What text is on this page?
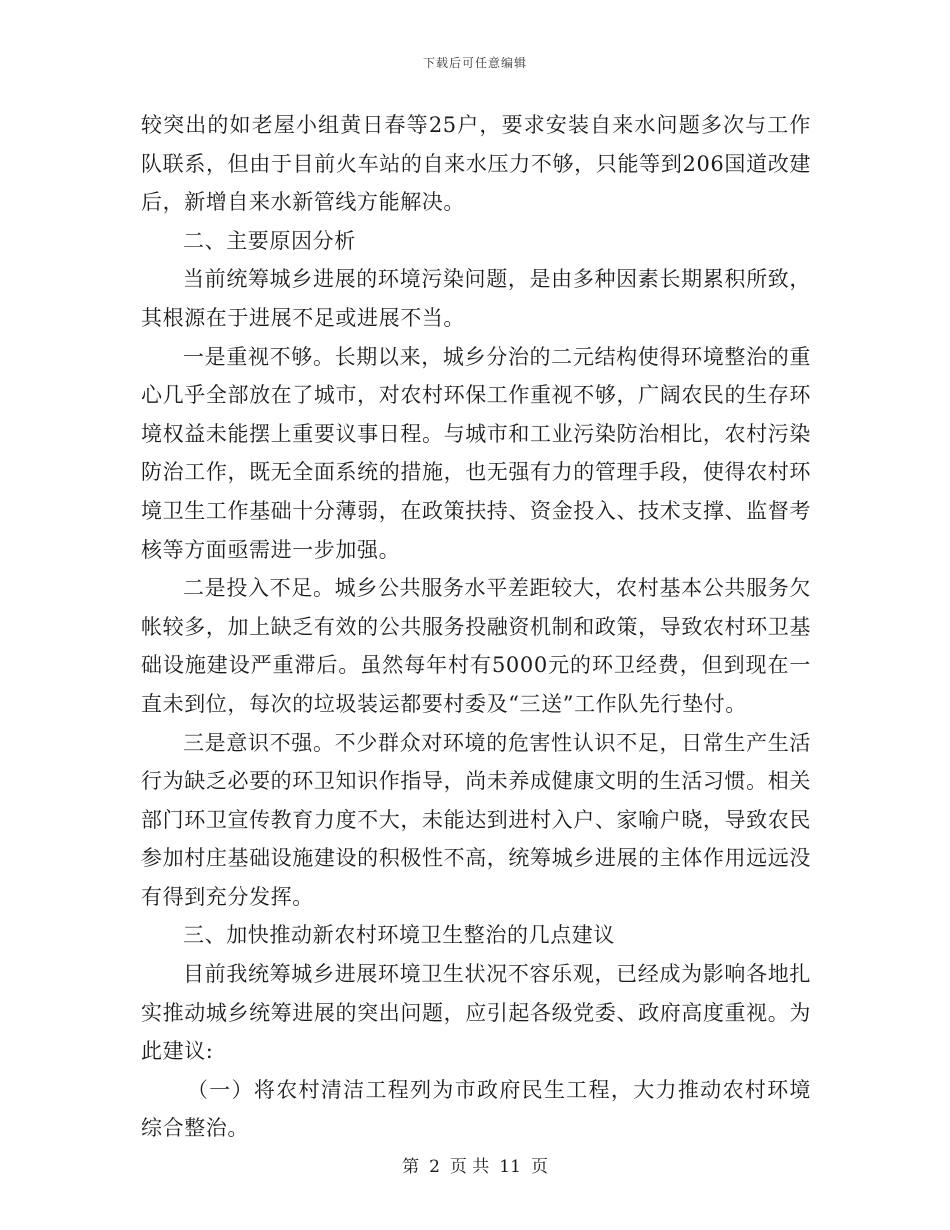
下载后可任意编辑

较突出的如老屋小组黄日春等25户，要求安装自来水问题多次与工作队联系，但由于目前火车站的自来水压力不够，只能等到206国道改建后，新增自来水新管线方能解决。

二、主要原因分析

当前统筹城乡进展的环境污染问题，是由多种因素长期累积所致，其根源在于进展不足或进展不当。

一是重视不够。长期以来，城乡分治的二元结构使得环境整治的重心几乎全部放在了城市，对农村环保工作重视不够，广阔农民的生存环境权益未能摆上重要议事日程。与城市和工业污染防治相比，农村污染防治工作，既无全面系统的措施，也无强有力的管理手段，使得农村环境卫生工作基础十分薄弱，在政策扶持、资金投入、技术支撑、监督考核等方面亟需进一步加强。

二是投入不足。城乡公共服务水平差距较大，农村基本公共服务欠帐较多，加上缺乏有效的公共服务投融资机制和政策，导致农村环卫基础设施建设严重滞后。虽然每年村有5000元的环卫经费，但到现在一直未到位，每次的垃圾装运都要村委及“三送”工作队先行垫付。

三是意识不强。不少群众对环境的危害性认识不足，日常生产生活行为缺乏必要的环卫知识作指导，尚未养成健康文明的生活习惯。相关部门环卫宣传教育力度不大，未能达到进村入户、家喻户晓，导致农民参加村庄基础设施建设的积极性不高，统筹城乡进展的主体作用远远没有得到充分发挥。

三、加快推动新农村环境卫生整治的几点建议

目前我统筹城乡进展环境卫生状况不容乐观，已经成为影响各地扎实推动城乡统筹进展的突出问题，应引起各级党委、政府高度重视。为此建议:

（一）将农村清洁工程列为市政府民生工程，大力推动农村环境综合整治。

第 2 页 共 11 页
